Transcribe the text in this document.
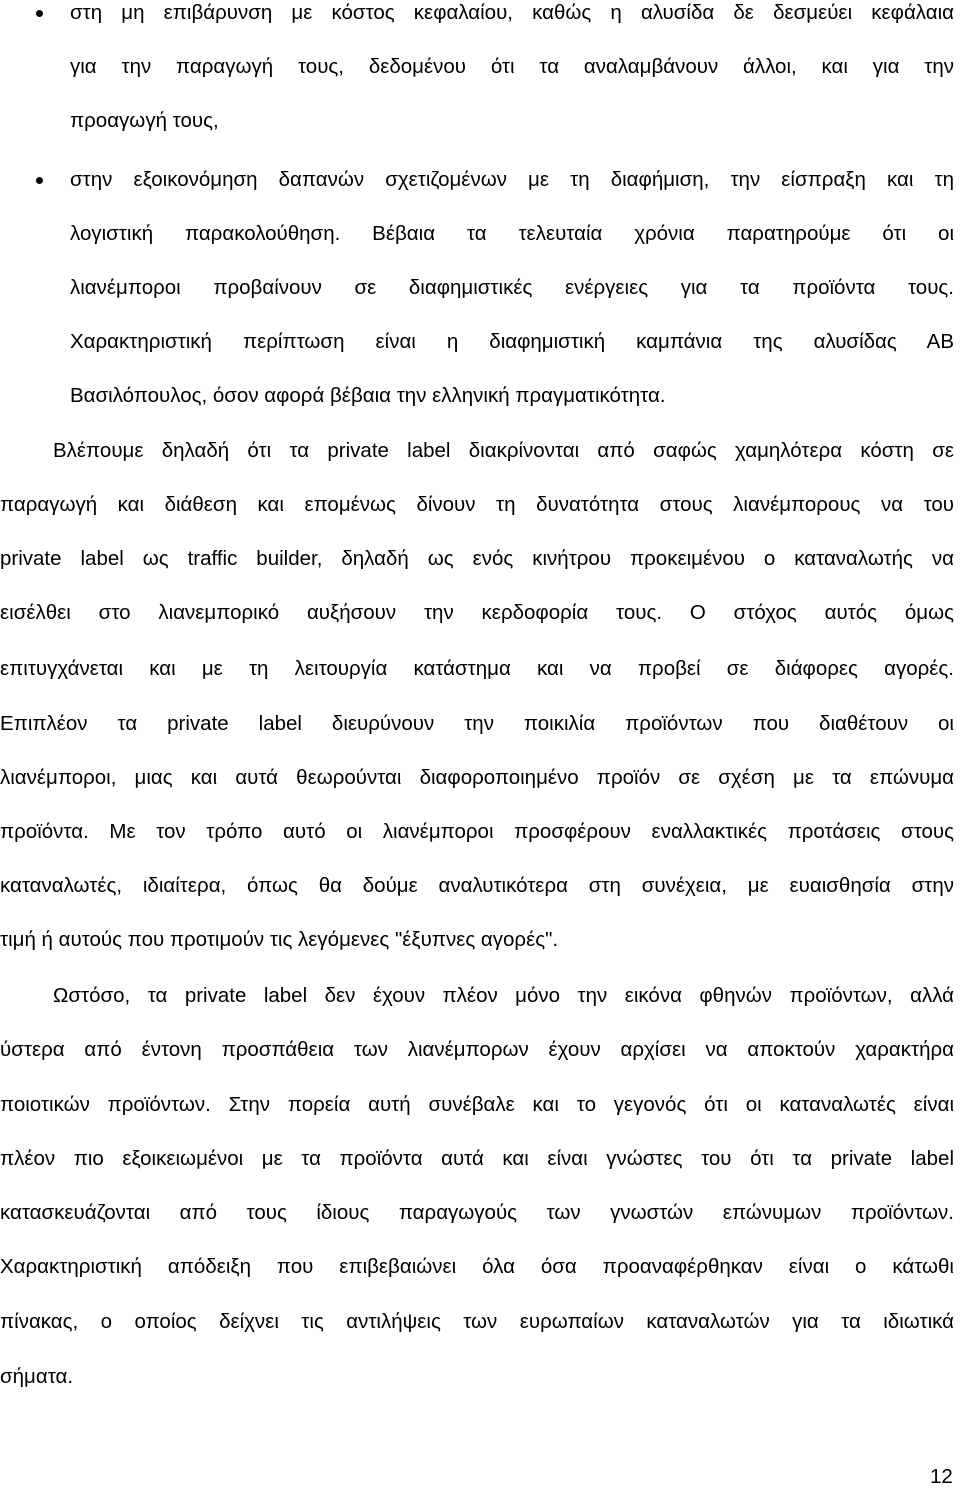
στη μη επιβάρυνση με κόστος κεφαλαίου, καθώς η αλυσίδα δε δεσμεύει κεφάλαια
για την παραγωγή τους, δεδομένου ότι τα αναλαμβάνουν άλλοι, και για την
προαγωγή τους,
στην εξοικονόμηση δαπανών σχετιζομένων με τη διαφήμιση, την είσπραξη και τη
λογιστική παρακολούθηση. Βέβαια τα τελευταία χρόνια παρατηρούμε ότι οι
λιανέμποροι προβαίνουν σε διαφημιστικές ενέργειες για τα προϊόντα τους.
Χαρακτηριστική περίπτωση είναι η διαφημιστική καμπάνια της αλυσίδας ΑΒ
Βασιλόπουλος, όσον αφορά βέβαια την ελληνική πραγματικότητα.
Βλέπουμε δηλαδή ότι τα private label διακρίνονται από σαφώς χαμηλότερα κόστη σε
παραγωγή και διάθεση και επομένως δίνουν τη δυνατότητα στους λιανέμπορους να του
private label ως traffic builder, δηλαδή ως ενός κινήτρου προκειμένου ο καταναλωτής να
εισέλθει στο λιανεμπορικό αυξήσουν την κερδοφορία τους. Ο στόχος αυτός όμως
επιτυγχάνεται και με τη λειτουργία κατάστημα και να προβεί σε διάφορες αγορές.
Επιπλέον τα private label διευρύνουν την ποικιλία προϊόντων που διαθέτουν οι
λιανέμποροι, μιας και αυτά θεωρούνται διαφοροποιημένο προϊόν σε σχέση με τα επώνυμα
προϊόντα. Με τον τρόπο αυτό οι λιανέμποροι προσφέρουν εναλλακτικές προτάσεις στους
καταναλωτές, ιδιαίτερα, όπως θα δούμε αναλυτικότερα στη συνέχεια, με ευαισθησία στην
τιμή ή αυτούς που προτιμούν τις λεγόμενες "έξυπνες αγορές".
Ωστόσο, τα private label δεν έχουν πλέον μόνο την εικόνα φθηνών προϊόντων, αλλά
ύστερα από έντονη προσπάθεια των λιανέμπορων έχουν αρχίσει να αποκτούν χαρακτήρα
ποιοτικών προϊόντων. Στην πορεία αυτή συνέβαλε και το γεγονός ότι οι καταναλωτές είναι
πλέον πιο εξοικειωμένοι με τα προϊόντα αυτά και είναι γνώστες του ότι τα private label
κατασκευάζονται από τους ίδιους παραγωγούς των γνωστών επώνυμων προϊόντων.
Χαρακτηριστική απόδειξη που επιβεβαιώνει όλα όσα προαναφέρθηκαν είναι ο κάτωθι
πίνακας, ο οποίος δείχνει τις αντιλήψεις των ευρωπαίων καταναλωτών για τα ιδιωτικά
σήματα.
12
